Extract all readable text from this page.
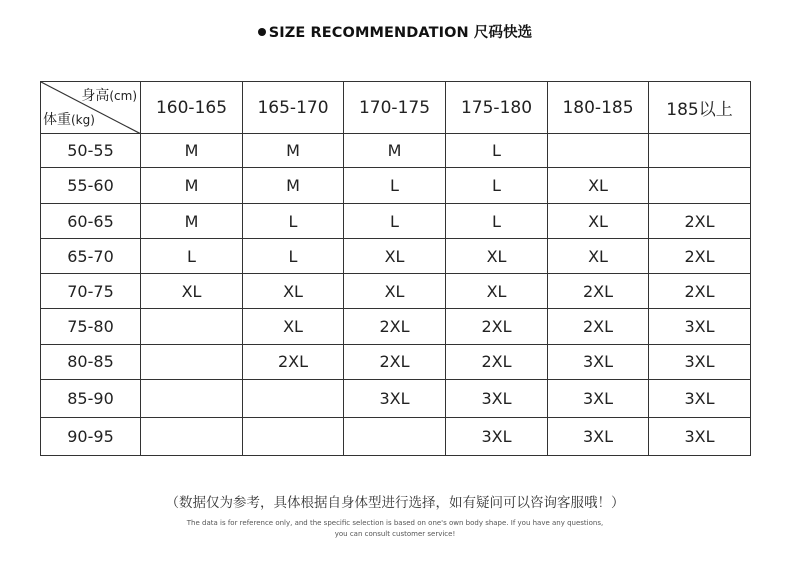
SIZE RECOMMENDATION 尺码快选
身高(cm)
体重(kg)	160-165	165-170	170-175	175-180	180-185	185以上
50-55	M	M	M	L		
55-60	M	M	L	L	XL	
60-65	M	L	L	L	XL	2XL
65-70	L	L	XL	XL	XL	2XL
70-75	XL	XL	XL	XL	2XL	2XL
75-80		XL	2XL	2XL	2XL	3XL
80-85		2XL	2XL	2XL	3XL	3XL
85-90			3XL	3XL	3XL	3XL
90-95				3XL	3XL	3XL
（数据仅为参考，具体根据自身体型进行选择，如有疑问可以咨询客服哦！）
The data is for reference only, and the specific selection is based on one's own body shape. If you have any questions,
you can consult customer service!
